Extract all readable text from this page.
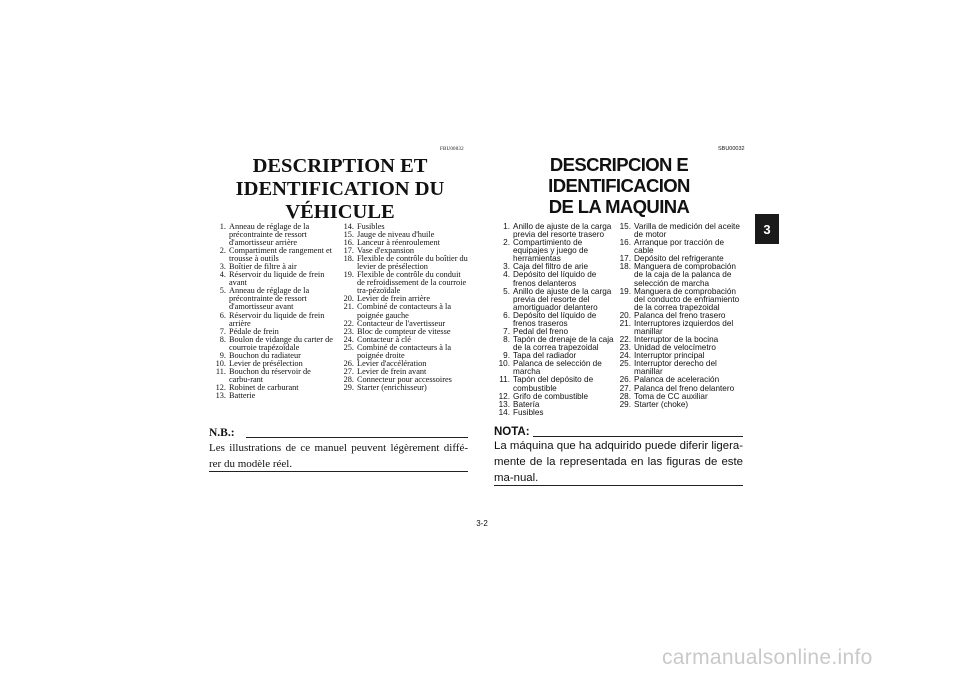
FBU00032	SBU00032
DESCRIPTION ET
IDENTIFICATION DU VÉHICULE
DESCRIPCION E IDENTIFICACION
DE LA MAQUINA
3
1. Anneau de réglage de la précontrainte de ressort d'amortisseur arrière
2. Compartiment de rangement et trousse à outils
3. Boîtier de filtre à air
4. Réservoir du liquide de frein avant
5. Anneau de réglage de la précontrainte de ressort d'amortisseur avant
6. Réservoir du liquide de frein arrière
7. Pédale de frein
8. Boulon de vidange du carter de courroie trapézoïdale
9. Bouchon du radiateur
10. Levier de présélection
11. Bouchon du réservoir de carbu-rant
12. Robinet de carburant
13. Batterie
14. Fusibles
15. Jauge de niveau d'huile
16. Lanceur à réenroulement
17. Vase d'expansion
18. Flexible de contrôle du boîtier du levier de présélection
19. Flexible de contrôle du conduit de refroidissement de la courroie tra-pézoïdale
20. Levier de frein arrière
21. Combiné de contacteurs à la poignée gauche
22. Contacteur de l'avertisseur
23. Bloc de compteur de vitesse
24. Contacteur à clé
25. Combiné de contacteurs à la poignée droite
26. Levier d'accélération
27. Levier de frein avant
28. Connecteur pour accessoires
29. Starter (enrichisseur)
1. Anillo de ajuste de la carga previa del resorte trasero
2. Compartimiento de equipajes y juego de herramientas
3. Caja del filtro de arie
4. Depósito del líquido de frenos delanteros
5. Anillo de ajuste de la carga previa del resorte del amortiguador delantero
6. Depósito del líquido de frenos traseros
7. Pedal del freno
8. Tapón de drenaje de la caja de la correa trapezoidal
9. Tapa del radiador
10. Palanca de selección de marcha
11. Tapón del depósito de combustible
12. Grifo de combustible
13. Batería
14. Fusibles
15. Varilla de medición del aceite de motor
16. Arranque por tracción de cable
17. Depósito del refrigerante
18. Manguera de comprobación de la caja de la palanca de selección de marcha
19. Manguera de comprobación del conducto de enfriamiento de la correa trapezoidal
20. Palanca del freno trasero
21. Interruptores izquierdos del manillar
22. Interruptor de la bocina
23. Unidad de velocímetro
24. Interruptor principal
25. Interruptor derecho del manillar
26. Palanca de aceleración
27. Palanca del freno delantero
28. Toma de CC auxiliar
29. Starter (choke)
N.B.:
Les illustrations de ce manuel peuvent légèrement diffé-rer du modèle réel.
NOTA:
La máquina que ha adquirido puede diferir ligera-mente de la representada en las figuras de este ma-nual.
3-2
carmanualsonline.info
